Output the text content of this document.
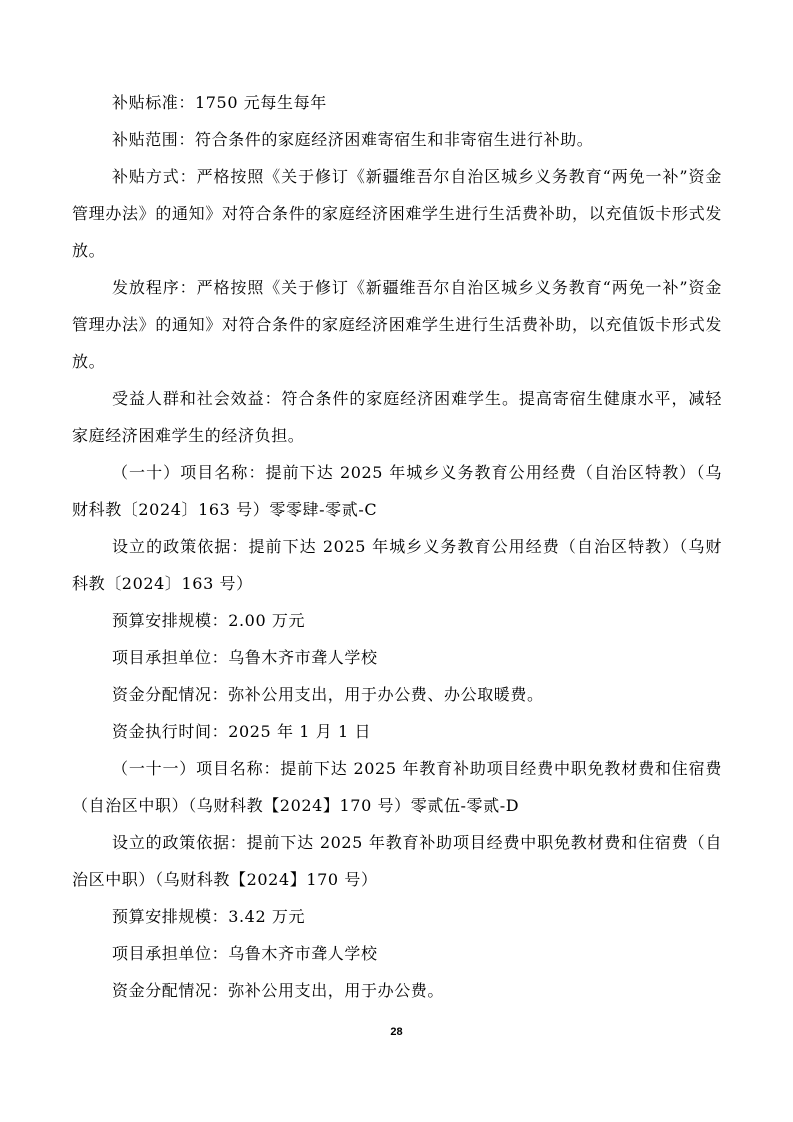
补贴标准：1750 元每生每年

补贴范围：符合条件的家庭经济困难寄宿生和非寄宿生进行补助。

补贴方式：严格按照《关于修订《新疆维吾尔自治区城乡义务教育“两免一补”资金管理办法》的通知》对符合条件的家庭经济困难学生进行生活费补助，以充值饭卡形式发放。

发放程序：严格按照《关于修订《新疆维吾尔自治区城乡义务教育“两免一补”资金管理办法》的通知》对符合条件的家庭经济困难学生进行生活费补助，以充值饭卡形式发放。

受益人群和社会效益：符合条件的家庭经济困难学生。提高寄宿生健康水平，减轻家庭经济困难学生的经济负担。

（一十）项目名称：提前下达 2025 年城乡义务教育公用经费（自治区特教）（乌财科教〔2024〕163 号）零零肆-零贰-C

设立的政策依据：提前下达 2025 年城乡义务教育公用经费（自治区特教）（乌财科教〔2024〕163 号）

预算安排规模：2.00 万元

项目承担单位：乌鲁木齐市聋人学校

资金分配情况：弥补公用支出，用于办公费、办公取暖费。

资金执行时间：2025 年 1 月 1 日

（一十一）项目名称：提前下达 2025 年教育补助项目经费中职免教材费和住宿费（自治区中职）（乌财科教【2024】170 号）零贰伍-零贰-D

设立的政策依据：提前下达 2025 年教育补助项目经费中职免教材费和住宿费（自治区中职）（乌财科教【2024】170 号）

预算安排规模：3.42 万元

项目承担单位：乌鲁木齐市聋人学校

资金分配情况：弥补公用支出，用于办公费。

28
